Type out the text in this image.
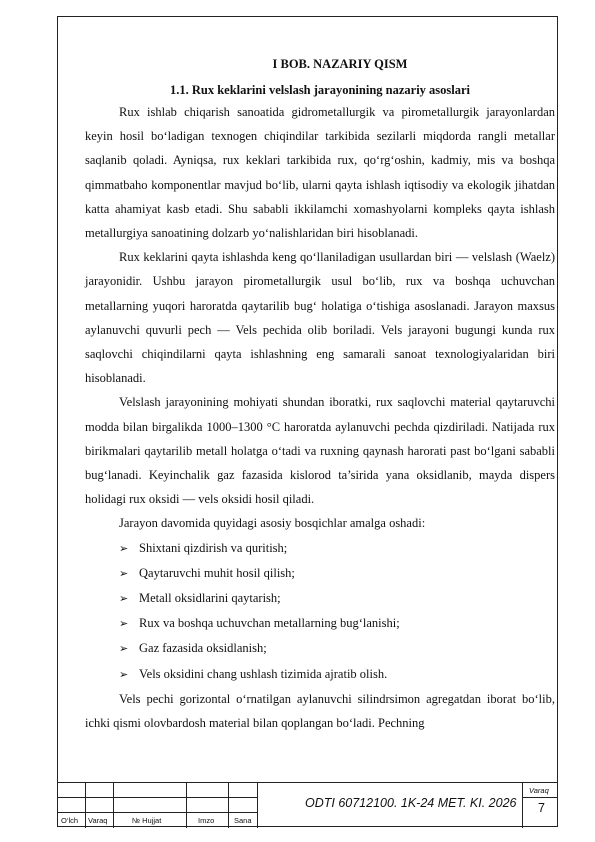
I BOB. NAZARIY QISM
1.1. Rux keklarini velslash jarayonining nazariy asoslari

Rux ishlab chiqarish sanoatida gidrometallurgik va pirometallurgik jarayonlardan keyin hosil bo‘ladigan texnogen chiqindilar tarkibida sezilarli miqdorda rangli metallar saqlanib qoladi. Ayniqsa, rux keklari tarkibida rux, qo‘rg‘oshin, kadmiy, mis va boshqa qimmatbaho komponentlar mavjud bo‘lib, ularni qayta ishlash iqtisodiy va ekologik jihatdan katta ahamiyat kasb etadi. Shu sababli ikkilamchi xomashyolarni kompleks qayta ishlash metallurgiya sanoatining dolzarb yo‘nalishlaridan biri hisoblanadi.

Rux keklarini qayta ishlashda keng qo‘llaniladigan usullardan biri — velslash (Waelz) jarayonidir. Ushbu jarayon pirometallurgik usul bo‘lib, rux va boshqa uchuvchan metallarning yuqori haroratda qaytarilib bug‘ holatiga o‘tishiga asoslanadi. Jarayon maxsus aylanuvchi quvurli pech — Vels pechida olib boriladi. Vels jarayoni bugungi kunda rux saqlovchi chiqindilarni qayta ishlashning eng samarali sanoat texnologiyalaridan biri hisoblanadi.

Velslash jarayonining mohiyati shundan iboratki, rux saqlovchi material qaytaruvchi modda bilan birgalikda 1000–1300 °C haroratda aylanuvchi pechda qizdiriladi. Natijada rux birikmalari qaytarilib metall holatga o‘tadi va ruxning qaynash harorati past bo‘lgani sababli bug‘lanadi. Keyinchalik gaz fazasida kislorod ta’sirida yana oksidlanib, mayda dispers holidagi rux oksidi — vels oksidi hosil qiladi.

Jarayon davomida quyidagi asosiy bosqichlar amalga oshadi:

➢ Shixtani qizdirish va quritish;
➢ Qaytaruvchi muhit hosil qilish;
➢ Metall oksidlarini qaytarish;
➢ Rux va boshqa uchuvchan metallarning bug‘lanishi;
➢ Gaz fazasida oksidlanish;
➢ Vels oksidini chang ushlash tizimida ajratib olish.

Vels pechi gorizontal o‘rnatilgan aylanuvchi silindrsimon agregatdan iborat bo‘lib, ichki qismi olovbardosh material bilan qoplangan bo‘ladi. Pechning

O‘lch Varaq	№ Hujjat	Imzo	Sana
ODTI 60712100. 1K-24 MET. KI. 2026
Varaq
7
